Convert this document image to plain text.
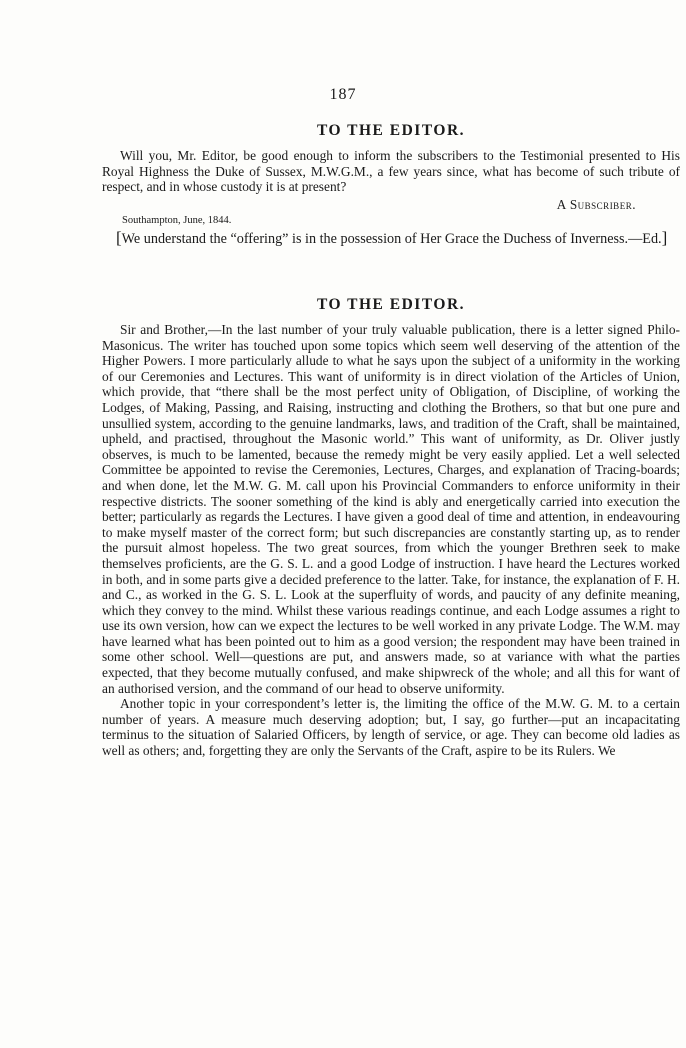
187
TO THE EDITOR.

Will you, Mr. Editor, be good enough to inform the subscribers to the Testimonial presented to His Royal Highness the Duke of Sussex, M.W.G.M., a few years since, what has become of such tribute of respect, and in whose custody it is at present?

A Subscriber.

Southampton, June, 1844.

[We understand the “offering” is in the possession of Her Grace the Duchess of Inverness.—Ed.]

TO THE EDITOR.

Sir and Brother,—In the last number of your truly valuable publication, there is a letter signed Philo-Masonicus. The writer has touched upon some topics which seem well deserving of the attention of the Higher Powers. I more particularly allude to what he says upon the subject of a uniformity in the working of our Ceremonies and Lectures. This want of uniformity is in direct violation of the Articles of Union, which provide, that “there shall be the most perfect unity of Obligation, of Discipline, of working the Lodges, of Making, Passing, and Raising, instructing and clothing the Brothers, so that but one pure and unsullied system, according to the genuine landmarks, laws, and tradition of the Craft, shall be maintained, upheld, and practised, throughout the Masonic world.” This want of uniformity, as Dr. Oliver justly observes, is much to be lamented, because the remedy might be very easily applied. Let a well selected Committee be appointed to revise the Ceremonies, Lectures, Charges, and explanation of Tracing-boards; and when done, let the M.W. G. M. call upon his Provincial Commanders to enforce uniformity in their respective districts. The sooner something of the kind is ably and energetically carried into execution the better; particularly as regards the Lectures. I have given a good deal of time and attention, in endeavouring to make myself master of the correct form; but such discrepancies are constantly starting up, as to render the pursuit almost hopeless. The two great sources, from which the younger Brethren seek to make themselves proficients, are the G. S. L. and a good Lodge of instruction. I have heard the Lectures worked in both, and in some parts give a decided preference to the latter. Take, for instance, the explanation of F. H. and C., as worked in the G. S. L. Look at the superfluity of words, and paucity of any definite meaning, which they convey to the mind. Whilst these various readings continue, and each Lodge assumes a right to use its own version, how can we expect the lectures to be well worked in any private Lodge. The W.M. may have learned what has been pointed out to him as a good version; the respondent may have been trained in some other school. Well—questions are put, and answers made, so at variance with what the parties expected, that they become mutually confused, and make shipwreck of the whole; and all this for want of an authorised version, and the command of our head to observe uniformity.

Another topic in your correspondent’s letter is, the limiting the office of the M.W. G. M. to a certain number of years. A measure much deserving adoption; but, I say, go further—put an incapacitating terminus to the situation of Salaried Officers, by length of service, or age. They can become old ladies as well as others; and, forgetting they are only the Servants of the Craft, aspire to be its Rulers. We
